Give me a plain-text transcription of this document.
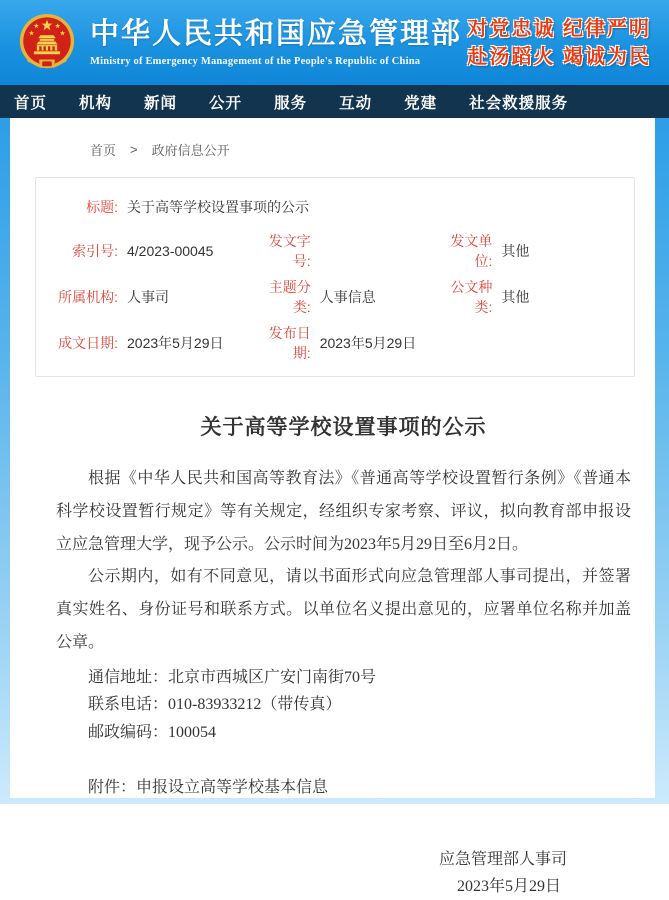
中华人民共和国应急管理部
Ministry of Emergency Management of the People's Republic of China
对党忠诚 纪律严明
赴汤蹈火 竭诚为民
首页 机构 新闻 公开 服务 互动 党建 社会救援服务
首页 > 政府信息公开
标题: 关于高等学校设置事项的公示
索引号: 4/2023-00045
发文字号:
发文单位:
其他
所属机构: 人事司
主题分类:
人事信息
公文种类:
其他
成文日期: 2023年5月29日
发布日期:
2023年5月29日
关于高等学校设置事项的公示

根据《中华人民共和国高等教育法》《普通高等学校设置暂行条例》《普通本科学校设置暂行规定》等有关规定，经组织专家考察、评议，拟向教育部申报设立应急管理大学，现予公示。公示时间为2023年5月29日至6月2日。

公示期内，如有不同意见，请以书面形式向应急管理部人事司提出，并签署真实姓名、身份证号和联系方式。以单位名义提出意见的，应署单位名称并加盖公章。

通信地址：北京市西城区广安门南街70号
联系电话：010-83933212（带传真）
邮政编码：100054
附件：申报设立高等学校基本信息
应急管理部人事司
2023年5月29日
